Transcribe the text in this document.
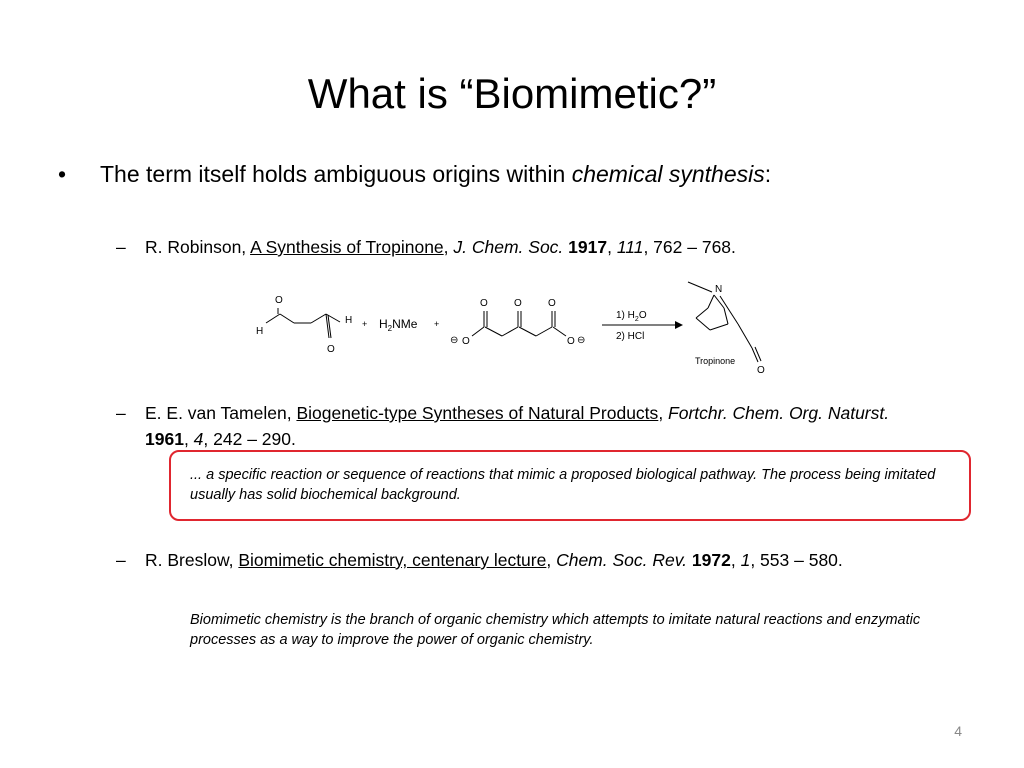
What is “Biomimetic?”
• The term itself holds ambiguous origins within chemical synthesis:
– R. Robinson, A Synthesis of Tropinone, J. Chem. Soc. 1917, 111, 762 – 768.
O
H
H
O
+ $H_2NMe$ +
⊖ O
O	O	O
O ⊖
1) $H_2O$
2) HCl
N
Tropinone
O
– E. E. van Tamelen, Biogenetic-type Syntheses of Natural Products, Fortchr. Chem. Org. Naturst. 1961, 4, 242 – 290.
... a specific reaction or sequence of reactions that mimic a proposed biological pathway. The process being imitated usually has solid biochemical background.
– R. Breslow, Biomimetic chemistry, centenary lecture, Chem. Soc. Rev. 1972, 1, 553 – 580.
Biomimetic chemistry is the branch of organic chemistry which attempts to imitate natural reactions and enzymatic processes as a way to improve the power of organic chemistry.
4
